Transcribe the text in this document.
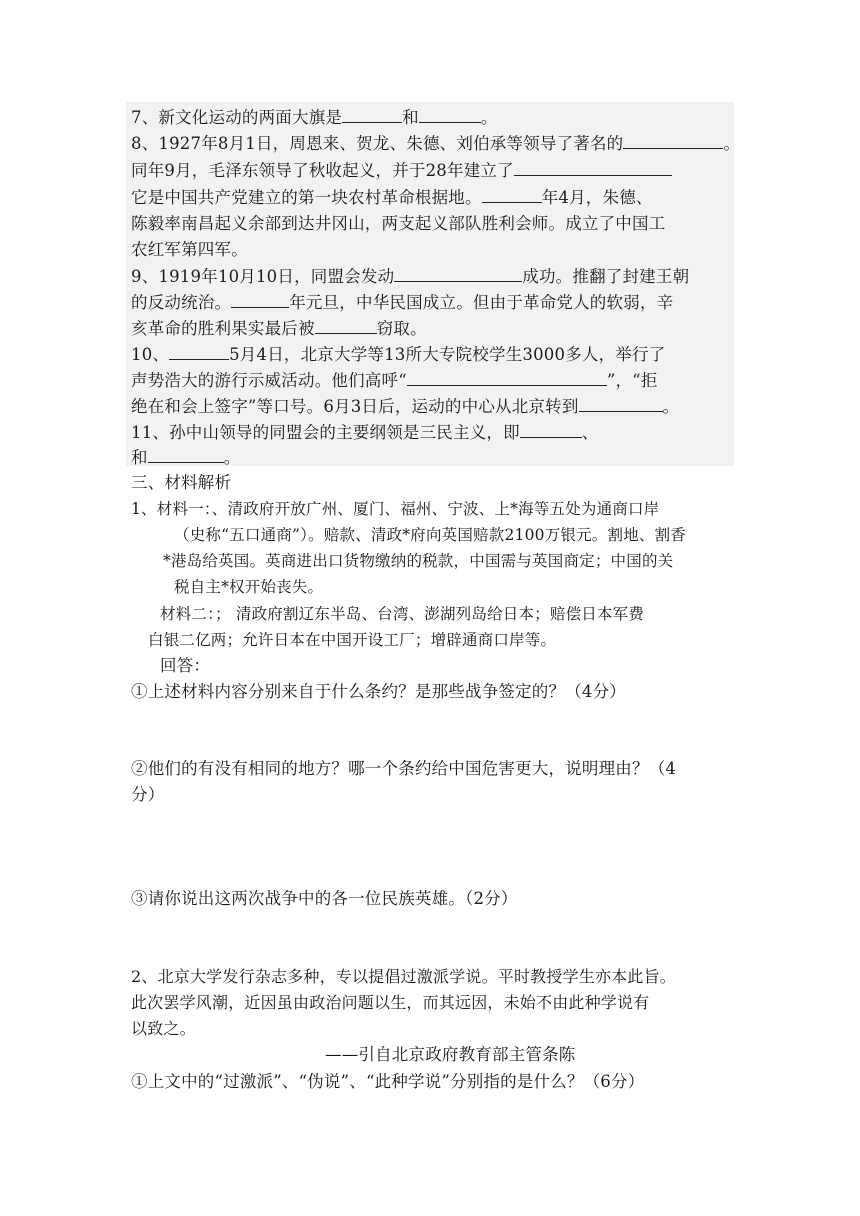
7、新文化运动的两面大旗是	和	。
8、1927年8月1日，周恩来、贺龙、朱德、刘伯承等领导了著名的	。
同年9月，毛泽东领导了秋收起义，并于28年建立了
它是中国共产党建立的第一块农村革命根据地。	年4月，朱德、
陈毅率南昌起义余部到达井冈山，两支起义部队胜利会师。成立了中国工
农红军第四军。
9、1919年10月10日，同盟会发动	成功。推翻了封建王朝
的反动统治。	年元旦，中华民国成立。但由于革命党人的软弱，辛
亥革命的胜利果实最后被	窃取。
10、	5月4日，北京大学等13所大专院校学生3000多人，举行了
声势浩大的游行示威活动。他们高呼“	”，“拒
绝在和会上签字”等口号。6月3日后，运动的中心从北京转到	。
11、孙中山领导的同盟会的主要纲领是三民主义，即	、
和	。
三、材料解析
1、材料一：、清政府开放广州、厦门、福州、宁波、上*海等五处为通商口岸
（史称“五口通商”）。赔款、清政*府向英国赔款2100万银元。割地、割香
*港岛给英国。英商进出口货物缴纳的税款，中国需与英国商定；中国的关
税自主*权开始丧失。
材料二：； 清政府割辽东半岛、台湾、澎湖列岛给日本；赔偿日本军费
白银二亿两；允许日本在中国开设工厂；增辟通商口岸等。
回答：
①上述材料内容分别来自于什么条约？是那些战争签定的？（4分）
②他们的有没有相同的地方？哪一个条约给中国危害更大，说明理由？（4
分）
③请你说出这两次战争中的各一位民族英雄。（2分）
2、北京大学发行杂志多种，专以提倡过激派学说。平时教授学生亦本此旨。
此次罢学风潮，近因虽由政治问题以生，而其远因，未始不由此种学说有
以致之。
——引自北京政府教育部主管条陈
①上文中的“过激派”、“伪说”、“此种学说”分别指的是什么？（6分）
